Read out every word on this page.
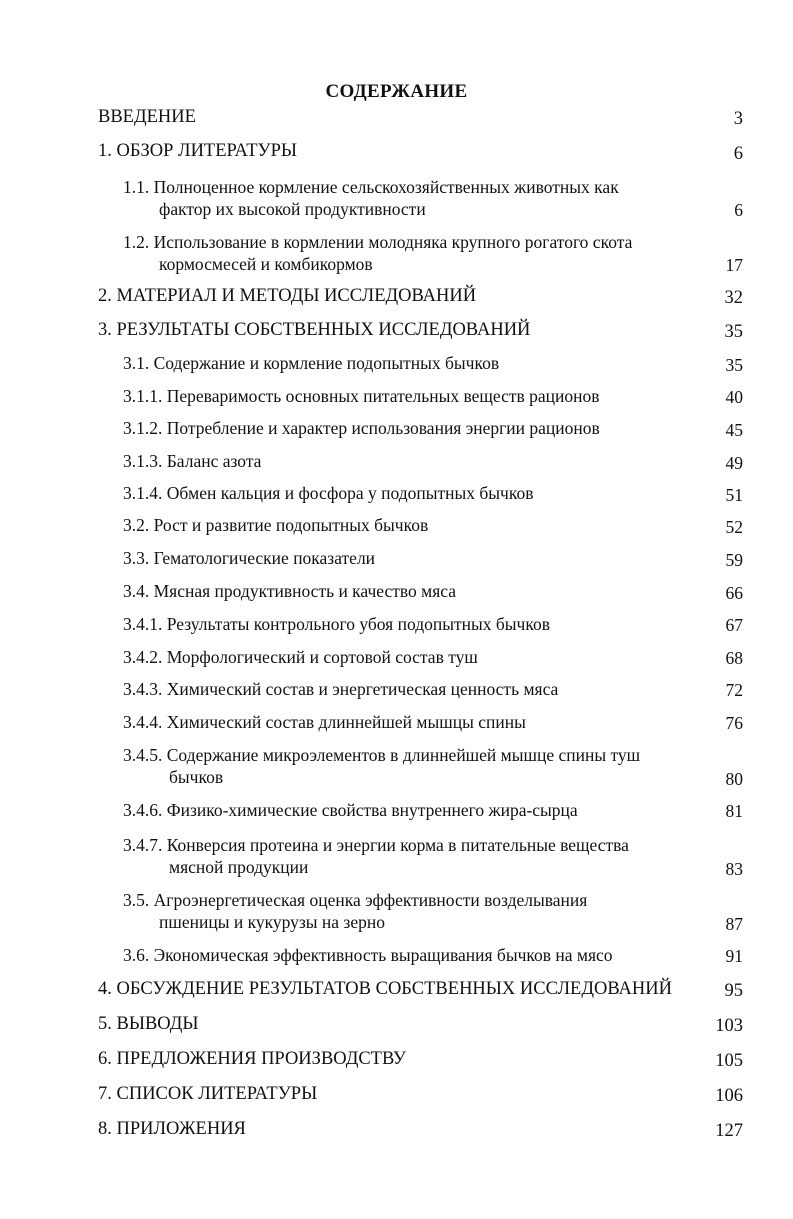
СОДЕРЖАНИЕ
ВВЕДЕНИЕ	3
1. ОБЗОР ЛИТЕРАТУРЫ	6
1.1. Полноценное кормление сельскохозяйственных животных как
фактор их высокой продуктивности	6
1.2. Использование в кормлении молодняка крупного рогатого скота
кормосмесей и комбикормов	17
2. МАТЕРИАЛ И МЕТОДЫ ИССЛЕДОВАНИЙ	32
3. РЕЗУЛЬТАТЫ СОБСТВЕННЫХ ИССЛЕДОВАНИЙ	35
3.1. Содержание и кормление подопытных бычков	35
3.1.1. Переваримость основных питательных веществ рационов	40
3.1.2. Потребление и характер использования энергии рационов	45
3.1.3. Баланс азота	49
3.1.4. Обмен кальция и фосфора у подопытных бычков	51
3.2. Рост и развитие подопытных бычков	52
3.3. Гематологические показатели	59
3.4. Мясная продуктивность и качество мяса	66
3.4.1. Результаты контрольного убоя подопытных бычков	67
3.4.2. Морфологический и сортовой состав туш	68
3.4.3. Химический состав и энергетическая ценность мяса	72
3.4.4. Химический состав длиннейшей мышцы спины	76
3.4.5. Содержание микроэлементов в длиннейшей мышце спины туш
бычков	80
3.4.6. Физико-химические свойства внутреннего жира-сырца	81
3.4.7. Конверсия протеина и энергии корма в питательные вещества
мясной продукции	83
3.5. Агроэнергетическая оценка эффективности возделывания
пшеницы и кукурузы на зерно	87
3.6. Экономическая эффективность выращивания бычков на мясо	91
4. ОБСУЖДЕНИЕ РЕЗУЛЬТАТОВ СОБСТВЕННЫХ ИССЛЕДОВАНИЙ	95
5. ВЫВОДЫ	103
6. ПРЕДЛОЖЕНИЯ ПРОИЗВОДСТВУ	105
7. СПИСОК ЛИТЕРАТУРЫ	106
8. ПРИЛОЖЕНИЯ	127
